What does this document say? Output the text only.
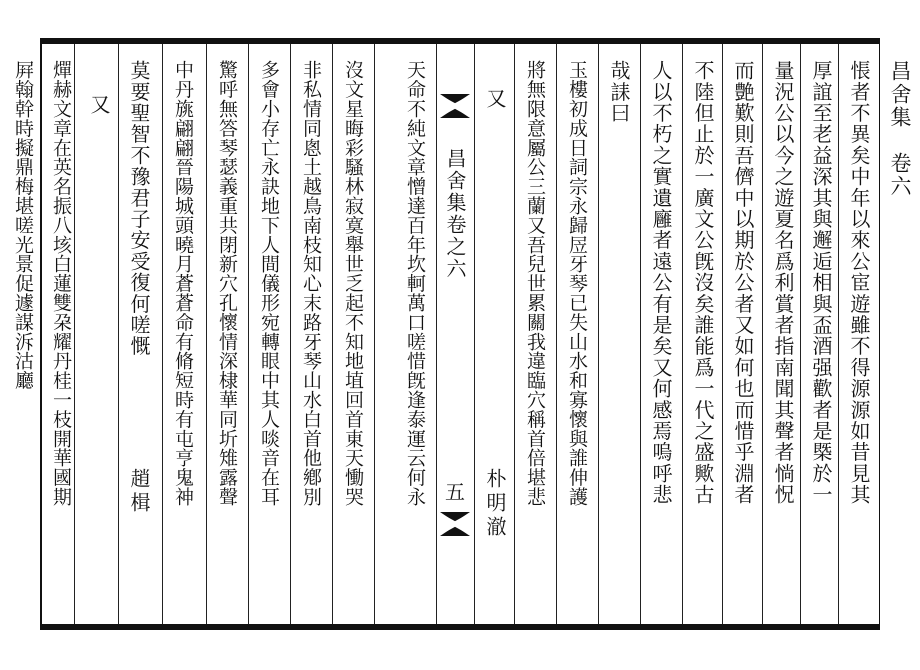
昌舍集　卷六
悵者不異矣中年以來公宦遊雖不得源源如昔見其
厚誼至老益深其與邂逅相與盃酒强歡者是槩於一
量況公以今之遊夏名爲利賞者指南聞其聲者惝怳
而艶歎則吾儕中以期於公者又如何也而惜乎淵者
不陸但止於一廣文公旣沒矣誰能爲一代之盛歟古
人以不朽之實遺廱者遠公有是矣又何感焉嗚呼悲
哉誄曰
玉樓初成日詞宗永歸㞐牙琴已失山水和寡懷與誰伸護
將無限意屬公三蘭又吾兒世累關我違臨穴稱首倍堪悲
又
朴明澈
昌舍集卷之六
五
天命不純文章憎達百年坎軻萬口嗟惜旣逢泰運云何永
沒文星晦彩騷林寂寞舉世乏起不知地埴回首東天慟哭
非私情同悤土越鳥南枝知心末路牙琴山水白首他鄕別
多會小存亡永訣地下人間儀形宛轉眼中其人啖音在耳
驚呼無答琴瑟義重共閉新穴孔懷情深棣華同圻雉露聲
中丹旐翩翩晉陽城頭曉月蒼蒼命有脩短時有屯亨鬼神
莫要聖智不豫君子安受復何嗟慨
又
燀赫文章在英名振八垓白蓮雙朶耀丹桂一枝開華國期
屛翰幹時擬鼎梅堪嗟光景促遽謀泝沽廳
趙楫
